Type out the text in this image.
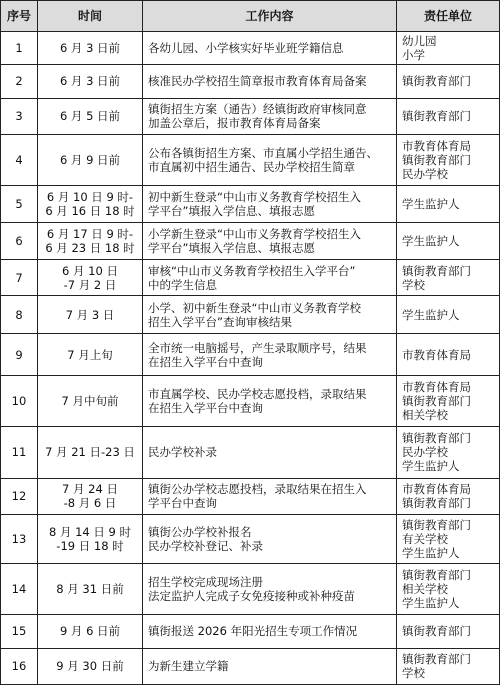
序号	时间	工作内容	责任单位
1	6 月 3 日前	各幼儿园、小学核实好毕业班学籍信息	幼儿园
小学
2	6 月 3 日前	核准民办学校招生简章报市教育体育局备案	镇街教育部门
3	6 月 5 日前	镇街招生方案（通告）经镇街政府审核同意
加盖公章后，报市教育体育局备案	镇街教育部门
4	6 月 9 日前	公布各镇街招生方案、市直属小学招生通告、
市直属初中招生通告、民办学校招生简章	市教育体育局
镇街教育部门
民办学校
5	6 月 10 日 9 时-
6 月 16 日 18 时	初中新生登录“中山市义务教育学校招生入
学平台”填报入学信息、填报志愿	学生监护人
6	6 月 17 日 9 时-
6 月 23 日 18 时	小学新生登录“中山市义务教育学校招生入
学平台”填报入学信息、填报志愿	学生监护人
7	6 月 10 日
-7 月 2 日	审核“中山市义务教育学校招生入学平台”
中的学生信息	镇街教育部门
学校
8	7 月 3 日	小学、初中新生登录“中山市义务教育学校
招生入学平台”查询审核结果	学生监护人
9	7 月上旬	全市统一电脑摇号，产生录取顺序号，结果
在招生入学平台中查询	市教育体育局
10	7 月中旬前	市直属学校、民办学校志愿投档，录取结果
在招生入学平台中查询	市教育体育局
镇街教育部门
相关学校
11	7 月 21 日-23 日	民办学校补录	镇街教育部门
民办学校
学生监护人
12	7 月 24 日
-8 月 6 日	镇街公办学校志愿投档，录取结果在招生入
学平台中查询	市教育体育局
镇街教育部门
13	8 月 14 日 9 时
-19 日 18 时	镇街公办学校补报名
民办学校补登记、补录	镇街教育部门
有关学校
学生监护人
14	8 月 31 日前	招生学校完成现场注册
法定监护人完成子女免疫接种或补种疫苗	镇街教育部门
相关学校
学生监护人
15	9 月 6 日前	镇街报送 2026 年阳光招生专项工作情况	镇街教育部门
16	9 月 30 日前	为新生建立学籍	镇街教育部门
学校
